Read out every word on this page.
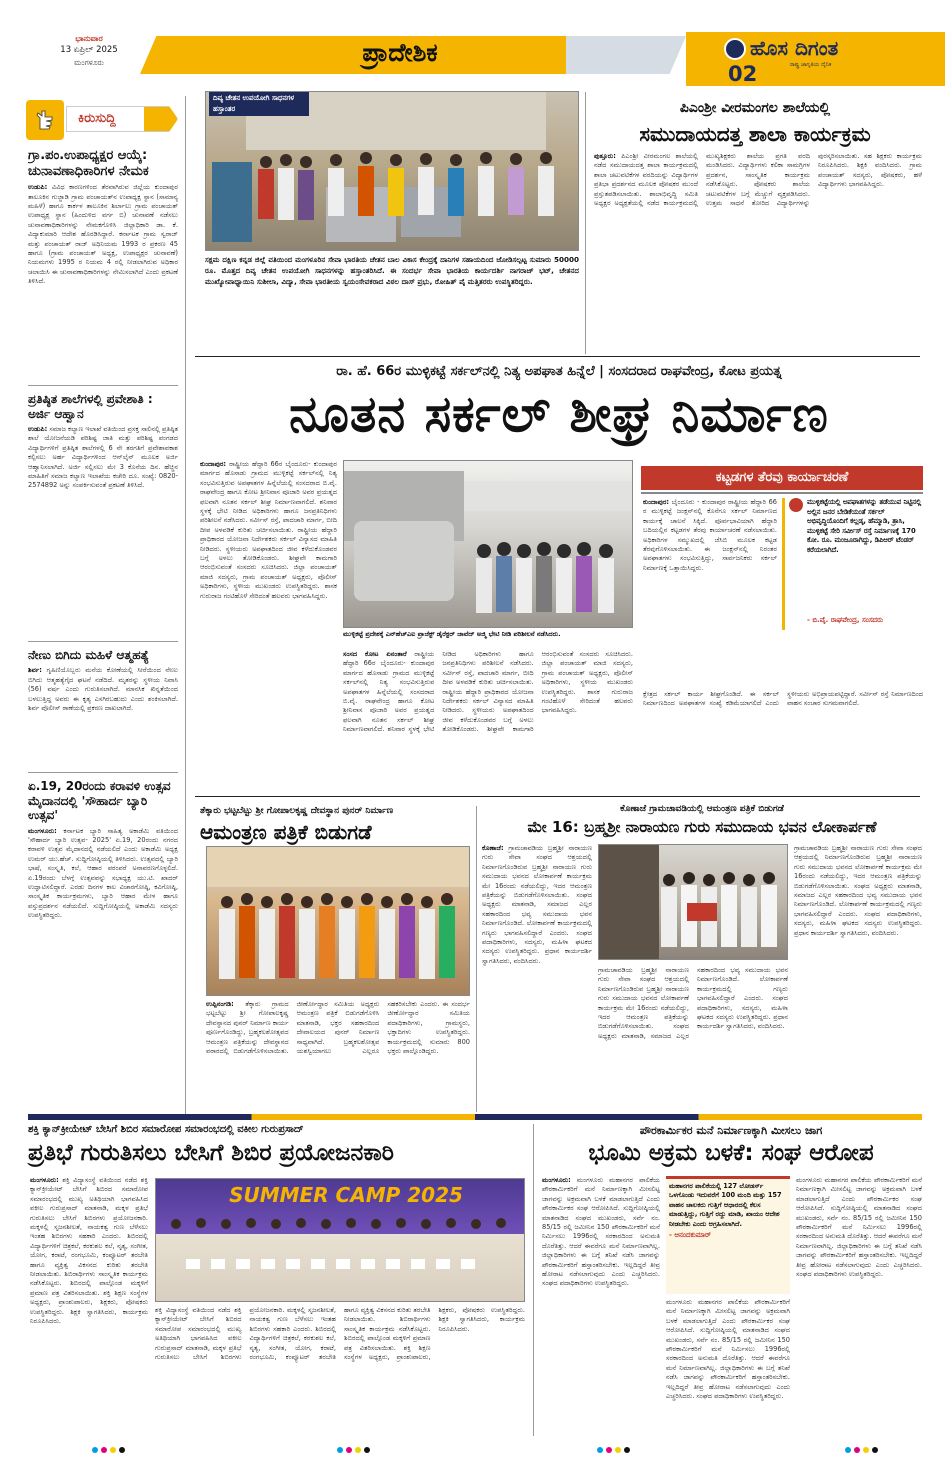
ಭಾನುವಾರ
13 ಏಪ್ರಿಲ್ 2025
ಮಂಗಳೂರು	ಪ್ರಾದೇಶಿಕ	ಹೊಸ ದಿಗಂತ
ರಾಷ್ಟ್ರ ಜಾಗೃತಿಯ ದೈನಿಕ
02
ಕಿರುಸುದ್ದಿ
ಗ್ರಾ.ಪಂ.ಉಪಾಧ್ಯಕ್ಷರ ಆಯ್ಕೆ: ಚುನಾವಣಾಧಿಕಾರಿಗಳ ನೇಮಕ
ಉಡುಪಿ: ವಿವಿಧ ಕಾರಣಗಳಿಂದ ತೆರವಾಗಿರುವ ಜಿಲ್ಲೆಯ ಕುಂದಾಪುರ ತಾಲೂಕಿನ ಗುಜ್ಜಾಡಿ ಗ್ರಾಮ ಪಂಚಾಯತ್‌ನ ಉಪಾಧ್ಯಕ್ಷ ಸ್ಥಾನ (ಸಾಮಾನ್ಯ ಮಹಿಳೆ) ಹಾಗೂ ಕಾರ್ಕಳ ತಾಲೂಕಿನ ಶಿರ್ಲಾಲು ಗ್ರಾಮ ಪಂಚಾಯತ್ ಉಪಾಧ್ಯಕ್ಷ ಸ್ಥಾನ (ಹಿಂದುಳಿದ ವರ್ಗ ಬಿ) ಚುನಾವಣೆ ನಡೆಸಲು ಚುನಾವಣಾಧಿಕಾರಿಗಳನ್ನು ನೇಮಕಗೊಳಿಸಿ ಜಿಲ್ಲಾಧಿಕಾರಿ ಡಾ. ಕೆ. ವಿದ್ಯಾಕುಮಾರಿ ಆದೇಶ ಹೊರಡಿಸಿದ್ದಾರೆ. ಕರ್ನಾಟಕ ಗ್ರಾಮ ಸ್ವರಾಜ್ ಮತ್ತು ಪಂಚಾಯತ್ ರಾಜ್ ಅಧಿನಿಯಮ 1993 ರ ಪ್ರಕರಣ 45 ಹಾಗೂ (ಗ್ರಾಮ ಪಂಚಾಯತ್ ಅಧ್ಯಕ್ಷ, ಉಪಾಧ್ಯಕ್ಷರ ಚುನಾವಣೆ) ನಿಯಮಗಳು 1995 ರ ನಿಯಮ 4 ರಲ್ಲಿ ನೀಡಲಾಗಿರುವ ಅಧಿಕಾರ ಚಲಾಯಿಸಿ ಈ ಚುನಾವಣಾಧಿಕಾರಿಗಳನ್ನು ನೇಮಿಸಲಾಗಿದೆ ಎಂದು ಪ್ರಕಟಣೆ ತಿಳಿಸಿದೆ.
ಪ್ರತಿಷ್ಠಿತ ಶಾಲೆಗಳಲ್ಲಿ ಪ್ರವೇಶಾತಿ : ಅರ್ಜಿ ಆಹ್ವಾನ
ಉಡುಪಿ: ಸಮಾಜ ಕಲ್ಯಾಣ ಇಲಾಖೆ ವತಿಯಿಂದ ಪ್ರಸಕ್ತ ಸಾಲಿನಲ್ಲಿ ಪ್ರತಿಷ್ಠಿತ ಶಾಲೆ ಯೋಜನೆಯಡಿ ಪರಿಶಿಷ್ಟ ಜಾತಿ ಮತ್ತು ಪರಿಶಿಷ್ಟ ಪಂಗಡದ ವಿದ್ಯಾರ್ಥಿಗಳಿಗೆ ಪ್ರತಿಷ್ಠಿತ ಶಾಲೆಗಳಲ್ಲಿ 6 ನೇ ತರಗತಿಗೆ ಪ್ರವೇಶಾವಕಾಶ ಕಲ್ಪಿಸಲು ಅರ್ಹ ವಿದ್ಯಾರ್ಥಿಗಳಿಂದ ಆನ್‌ಲೈನ್ ಮೂಲಕ ಅರ್ಜಿ ಆಹ್ವಾನಿಸಲಾಗಿದೆ. ಅರ್ಜಿ ಸಲ್ಲಿಸಲು ಮೇ 3 ಕೊನೆಯ ದಿನ. ಹೆಚ್ಚಿನ ಮಾಹಿತಿಗೆ ಸಮಾಜ ಕಲ್ಯಾಣ ಇಲಾಖೆಯ ಕಚೇರಿ ದೂ. ಸಂಖ್ಯೆ: 0820-2574892 ಅನ್ನು ಸಂಪರ್ಕಿಸುವಂತೆ ಪ್ರಕಟಣೆ ತಿಳಿಸಿದೆ.
ನೇಣು ಬಿಗಿದು ಮಹಿಳೆ ಆತ್ಮಹತ್ಯೆ
ಶಿರ್ವ: ಗೃಹಿಣಿಯೊಬ್ಬರು ಮನೆಯ ಕೋಣೆಯಲ್ಲಿ ಸೀರೆಯಿಂದ ನೇಣು ಬಿಗಿದು ಆತ್ಮಹತ್ಯೆಗೈದ ಘಟನೆ ನಡೆದಿದೆ. ಮೃತರನ್ನು ಸ್ಥಳೀಯ ನಿವಾಸಿ (56) ವರ್ಷ ಎಂದು ಗುರುತಿಸಲಾಗಿದೆ. ಮಾನಸಿಕ ಖಿನ್ನತೆಯಿಂದ ಬಳಲುತ್ತಿದ್ದ ಅವರು ಈ ಕೃತ್ಯ ಎಸಗಿರಬಹುದು ಎಂದು ಶಂಕಿಸಲಾಗಿದೆ. ಶಿರ್ವ ಪೊಲೀಸ್ ಠಾಣೆಯಲ್ಲಿ ಪ್ರಕರಣ ದಾಖಲಾಗಿದೆ.
ಏ.19, 20ರಂದು ಕರಾವಳಿ ಉತ್ಸವ ಮೈದಾನದಲ್ಲಿ 'ಸೌಹಾರ್ದ ಬ್ಯಾರಿ ಉತ್ಸವ'
ಮಂಗಳೂರು: ಕರ್ನಾಟಕ ಬ್ಯಾರಿ ಸಾಹಿತ್ಯ ಅಕಾಡೆಮಿ ವತಿಯಿಂದ 'ಸೌಹಾರ್ದ ಬ್ಯಾರಿ ಉತ್ಸವ- 2025' ಏ.19, 20ರಂದು ನಗರದ ಕರಾವಳಿ ಉತ್ಸವ ಮೈದಾನದಲ್ಲಿ ನಡೆಯಲಿದೆ ಎಂದು ಅಕಾಡೆಮಿ ಅಧ್ಯಕ್ಷ ಉಮರ್ ಯು.ಹೆಚ್. ಸುದ್ದಿಗೋಷ್ಠಿಯಲ್ಲಿ ತಿಳಿಸಿದರು. ಉತ್ಸವದಲ್ಲಿ ಬ್ಯಾರಿ ಭಾಷೆ, ಸಂಸ್ಕೃತಿ, ಕಲೆ, ಆಹಾರ ಪರಂಪರೆ ಅನಾವರಣಗೊಳ್ಳಲಿದೆ. ಏ.19ರಂದು ಬೆಳಗ್ಗೆ ಉತ್ಸವವನ್ನು ಸಭಾಧ್ಯಕ್ಷ ಯು.ಟಿ. ಖಾದರ್ ಉದ್ಘಾಟಿಸಲಿದ್ದಾರೆ. ಎರಡು ದಿನಗಳ ಕಾಲ ವಿಚಾರಗೋಷ್ಠಿ, ಕವಿಗೋಷ್ಠಿ, ಸಾಂಸ್ಕೃತಿಕ ಕಾರ್ಯಕ್ರಮಗಳು, ಬ್ಯಾರಿ ಆಹಾರ ಮೇಳ ಹಾಗೂ ವಸ್ತುಪ್ರದರ್ಶನ ನಡೆಯಲಿದೆ. ಸುದ್ದಿಗೋಷ್ಠಿಯಲ್ಲಿ ಅಕಾಡೆಮಿ ಸದಸ್ಯರು ಉಪಸ್ಥಿತರಿದ್ದರು.
ದಿವ್ಯ ಚೇತನ ಉಪಯೋಗಿ ಸಾಧನಗಳ ಹಸ್ತಾಂತರ
ಸಕ್ಷಮ ದಕ್ಷಿಣ ಕನ್ನಡ ಜಿಲ್ಲೆ ವತಿಯಿಂದ ಮಂಗಳೂರಿನ ಸೇವಾ ಭಾರತಿಯ ಚೇತನ ಬಾಲ ವಿಕಾಸ ಕೇಂದ್ರಕ್ಕೆ ದಾನಿಗಳ ಸಹಾಯದಿಂದ ಜೋಡಿಸಲ್ಪಟ್ಟ ಸುಮಾರು 50000 ರೂ. ಮೊತ್ತದ ದಿವ್ಯ ಚೇತನ ಉಪಯೋಗಿ ಸಾಧನಗಳನ್ನು ಹಸ್ತಾಂತರಿಸಿದೆ. ಈ ಸಂದರ್ಭ ಸೇವಾ ಭಾರತಿಯ ಕಾರ್ಯದರ್ಶಿ ನಾಗರಾಜ್ ಭಟ್, ಚೇತನದ ಮುಖ್ಯೋಪಾಧ್ಯಾಯಿನಿ ಸುಶೀಲಾ, ವಿದ್ಯಾ, ಸೇವಾ ಭಾರತೀಯ ಸ್ವಯಂಸೇವಕರಾದ ವಿಠಲ ದಾಸ್ ಪ್ರಭು, ರೋಹಿತ್ ಪೈ ಮತ್ತಿತರರು ಉಪಸ್ಥಿತರಿದ್ದರು.
ಪಿಎಂಶ್ರೀ ವೀರಮಂಗಲ ಶಾಲೆಯಲ್ಲಿ
ಸಮುದಾಯದತ್ತ ಶಾಲಾ ಕಾರ್ಯಕ್ರಮ
ಪುತ್ತೂರು: ಪಿಎಂಶ್ರೀ ವೀರಮಂಗಲ ಶಾಲೆಯಲ್ಲಿ ನಡೆದ ಸಮುದಾಯದತ್ತ ಶಾಲಾ ಕಾರ್ಯಕ್ರಮದಲ್ಲಿ ಶಾಲಾ ಚಟುವಟಿಕೆಗಳ ವರದಿಯನ್ನು ವಿದ್ಯಾರ್ಥಿಗಳ ಪ್ರತಿಭಾ ಪ್ರದರ್ಶನದ ಮೂಲಕ ಪೋಷಕರ ಮುಂದೆ ಪ್ರಸ್ತುತಪಡಿಸಲಾಯಿತು. ಶಾಲಾಭಿವೃದ್ಧಿ ಸಮಿತಿ ಅಧ್ಯಕ್ಷರ ಅಧ್ಯಕ್ಷತೆಯಲ್ಲಿ ನಡೆದ ಕಾರ್ಯಕ್ರಮದಲ್ಲಿ ಮುಖ್ಯಶಿಕ್ಷಕರು ಶಾಲೆಯ ಪ್ರಗತಿ ವರದಿ ಮಂಡಿಸಿದರು. ವಿದ್ಯಾರ್ಥಿಗಳು ಕಲಿಕಾ ಸಾಮಗ್ರಿಗಳ ಪ್ರದರ್ಶನ, ಸಾಂಸ್ಕೃತಿಕ ಕಾರ್ಯಕ್ರಮ ನಡೆಸಿಕೊಟ್ಟರು. ಪೋಷಕರು ಶಾಲೆಯ ಚಟುವಟಿಕೆಗಳ ಬಗ್ಗೆ ಮೆಚ್ಚುಗೆ ವ್ಯಕ್ತಪಡಿಸಿದರು. ಉತ್ತಮ ಸಾಧನೆ ತೋರಿದ ವಿದ್ಯಾರ್ಥಿಗಳನ್ನು ಪುರಸ್ಕರಿಸಲಾಯಿತು. ಸಹ ಶಿಕ್ಷಕರು ಕಾರ್ಯಕ್ರಮ ನಿರೂಪಿಸಿದರು. ಶಿಕ್ಷಕಿ ವಂದಿಸಿದರು. ಗ್ರಾಮ ಪಂಚಾಯತ್ ಸದಸ್ಯರು, ಪೋಷಕರು, ಹಳೆ ವಿದ್ಯಾರ್ಥಿಗಳು ಭಾಗವಹಿಸಿದ್ದರು.
ರಾ. ಹೆ. 66ರ ಮುಳ್ಳಿಕಟ್ಟೆ ಸರ್ಕಲ್‌ನಲ್ಲಿ ನಿತ್ಯ ಅಪಘಾತ ಹಿನ್ನೆಲೆ | ಸಂಸದರಾದ ರಾಘವೇಂದ್ರ, ಕೋಟ ಪ್ರಯತ್ನ
ನೂತನ ಸರ್ಕಲ್ ಶೀಘ್ರ ನಿರ್ಮಾಣ
ಕುಂದಾಪುರ: ರಾಷ್ಟ್ರೀಯ ಹೆದ್ದಾರಿ 66ರ ಬೈಂದೂರು- ಕುಂದಾಪುರ ಮಾರ್ಗದ ಹೊಸಾಡು ಗ್ರಾಮದ ಮುಳ್ಳಿಕಟ್ಟೆ ಸರ್ಕಲ್‌ನಲ್ಲಿ ನಿತ್ಯ ಸಂಭವಿಸುತ್ತಿರುವ ಅಪಘಾತಗಳ ಹಿನ್ನೆಲೆಯಲ್ಲಿ ಸಂಸದರಾದ ಬಿ.ವೈ. ರಾಘವೇಂದ್ರ ಹಾಗೂ ಕೋಟ ಶ್ರೀನಿವಾಸ ಪೂಜಾರಿ ಅವರ ಪ್ರಯತ್ನದ ಫಲವಾಗಿ ನೂತನ ಸರ್ಕಲ್ ಶೀಘ್ರ ನಿರ್ಮಾಣವಾಗಲಿದೆ. ಶನಿವಾರ ಸ್ಥಳಕ್ಕೆ ಭೇಟಿ ನೀಡಿದ ಅಧಿಕಾರಿಗಳು ಹಾಗೂ ಜನಪ್ರತಿನಿಧಿಗಳು ಪರಿಶೀಲನೆ ನಡೆಸಿದರು. ಸರ್ವೀಸ್ ರಸ್ತೆ, ಪಾದಚಾರಿ ಮಾರ್ಗ, ಬೀದಿ ದೀಪ ಅಳವಡಿಕೆ ಕುರಿತು ಚರ್ಚಿಸಲಾಯಿತು. ರಾಷ್ಟ್ರೀಯ ಹೆದ್ದಾರಿ ಪ್ರಾಧಿಕಾರದ ಯೋಜನಾ ನಿರ್ದೇಶಕರು ಸರ್ಕಲ್ ವಿನ್ಯಾಸದ ಮಾಹಿತಿ ನೀಡಿದರು. ಸ್ಥಳೀಯರು ಅಪಘಾತದಿಂದ ಜೀವ ಕಳೆದುಕೊಂಡವರ ಬಗ್ಗೆ ಅಳಲು ತೋಡಿಕೊಂಡರು. ಶೀಘ್ರವೇ ಕಾಮಗಾರಿ ಆರಂಭಿಸುವಂತೆ ಸಂಸದರು ಸೂಚಿಸಿದರು. ಜಿಲ್ಲಾ ಪಂಚಾಯತ್ ಮಾಜಿ ಸದಸ್ಯರು, ಗ್ರಾಮ ಪಂಚಾಯತ್ ಅಧ್ಯಕ್ಷರು, ಪೊಲೀಸ್ ಅಧಿಕಾರಿಗಳು, ಸ್ಥಳೀಯ ಮುಖಂಡರು ಉಪಸ್ಥಿತರಿದ್ದರು. ಶಾಸಕ ಗುರುರಾಜ ಗಂಟಿಹೊಳೆ ಸೇರಿದಂತೆ ಹಲವರು ಭಾಗವಹಿಸಿದ್ದರು.
ಮುಳ್ಳಿಕಟ್ಟೆ ಪ್ರದೇಶಕ್ಕೆ ಎನ್‌ಹೆಚ್‌ಎಐ ಪ್ರಾಜೆಕ್ಟ್ ಡೈರೆಕ್ಟರ್ ಜಾವೆದ್ ಅಜ್ಮಿ ಭೇಟಿ ನೀಡಿ ಪರಿಶೀಲನೆ ನಡೆಸಿದರು.
ಸಂಸದ ಕೋಟ ಏನಂತಾರೆ ರಾಷ್ಟ್ರೀಯ ಹೆದ್ದಾರಿ 66ರ ಬೈಂದೂರು- ಕುಂದಾಪುರ ಮಾರ್ಗದ ಹೊಸಾಡು ಗ್ರಾಮದ ಮುಳ್ಳಿಕಟ್ಟೆ ಸರ್ಕಲ್‌ನಲ್ಲಿ ನಿತ್ಯ ಸಂಭವಿಸುತ್ತಿರುವ ಅಪಘಾತಗಳ ಹಿನ್ನೆಲೆಯಲ್ಲಿ ಸಂಸದರಾದ ಬಿ.ವೈ. ರಾಘವೇಂದ್ರ ಹಾಗೂ ಕೋಟ ಶ್ರೀನಿವಾಸ ಪೂಜಾರಿ ಅವರ ಪ್ರಯತ್ನದ ಫಲವಾಗಿ ನೂತನ ಸರ್ಕಲ್ ಶೀಘ್ರ ನಿರ್ಮಾಣವಾಗಲಿದೆ. ಶನಿವಾರ ಸ್ಥಳಕ್ಕೆ ಭೇಟಿ ನೀಡಿದ ಅಧಿಕಾರಿಗಳು ಹಾಗೂ ಜನಪ್ರತಿನಿಧಿಗಳು ಪರಿಶೀಲನೆ ನಡೆಸಿದರು. ಸರ್ವೀಸ್ ರಸ್ತೆ, ಪಾದಚಾರಿ ಮಾರ್ಗ, ಬೀದಿ ದೀಪ ಅಳವಡಿಕೆ ಕುರಿತು ಚರ್ಚಿಸಲಾಯಿತು. ರಾಷ್ಟ್ರೀಯ ಹೆದ್ದಾರಿ ಪ್ರಾಧಿಕಾರದ ಯೋಜನಾ ನಿರ್ದೇಶಕರು ಸರ್ಕಲ್ ವಿನ್ಯಾಸದ ಮಾಹಿತಿ ನೀಡಿದರು. ಸ್ಥಳೀಯರು ಅಪಘಾತದಿಂದ ಜೀವ ಕಳೆದುಕೊಂಡವರ ಬಗ್ಗೆ ಅಳಲು ತೋಡಿಕೊಂಡರು. ಶೀಘ್ರವೇ ಕಾಮಗಾರಿ ಆರಂಭಿಸುವಂತೆ ಸಂಸದರು ಸೂಚಿಸಿದರು. ಜಿಲ್ಲಾ ಪಂಚಾಯತ್ ಮಾಜಿ ಸದಸ್ಯರು, ಗ್ರಾಮ ಪಂಚಾಯತ್ ಅಧ್ಯಕ್ಷರು, ಪೊಲೀಸ್ ಅಧಿಕಾರಿಗಳು, ಸ್ಥಳೀಯ ಮುಖಂಡರು ಉಪಸ್ಥಿತರಿದ್ದರು. ಶಾಸಕ ಗುರುರಾಜ ಗಂಟಿಹೊಳೆ ಸೇರಿದಂತೆ ಹಲವರು ಭಾಗವಹಿಸಿದ್ದರು.
ಕಟ್ಟಡಗಳ ತೆರವು ಕಾರ್ಯಾಚರಣೆ
ಕುಂದಾಪುರ: ಬೈಂದೂರು - ಕುಂದಾಪುರ ರಾಷ್ಟ್ರೀಯ ಹೆದ್ದಾರಿ 66 ರ ಮುಳ್ಳಿಕಟ್ಟೆ ಜಂಕ್ಷನ್‌ನಲ್ಲಿ ಕೊನೆಗೂ ಸರ್ಕಲ್ ನಿರ್ಮಾಣದ ಕಾರ್ಯಕ್ಕೆ ಚಾಲನೆ ಸಿಕ್ಕಿದೆ. ಪೂರ್ವಭಾವಿಯಾಗಿ ಹೆದ್ದಾರಿ ಬದಿಯಲ್ಲಿನ ಕಟ್ಟಡಗಳ ತೆರವು ಕಾರ್ಯಾಚರಣೆ ನಡೆಸಲಾಯಿತು. ಅಧಿಕಾರಿಗಳ ಸಮ್ಮುಖದಲ್ಲಿ ಜೆಸಿಬಿ ಮೂಲಕ ಕಟ್ಟಡ ತೆರವುಗೊಳಿಸಲಾಯಿತು. ಈ ಜಂಕ್ಷನ್‌ನಲ್ಲಿ ನಿರಂತರ ಅಪಘಾತಗಳು ಸಂಭವಿಸುತ್ತಿದ್ದು, ಸಾರ್ವಜನಿಕರು ಸರ್ಕಲ್ ನಿರ್ಮಾಣಕ್ಕೆ ಒತ್ತಾಯಿಸಿದ್ದರು.
ಮುಳ್ಳಿಕಟ್ಟೆಯಲ್ಲಿ ಅಪಘಾತಗಳನ್ನು ತಡೆಯುವ ನಿಟ್ಟಿನಲ್ಲಿ ಅಲ್ಲಿನ ಜನರ ಬೇಡಿಕೆಯಂತೆ ಸರ್ಕಲ್ ಅಭಿವೃದ್ಧಿಯೊಂದಿಗೆ ಕಲ್ಲಡ್ಕ, ಹೆಮ್ಮಾಡಿ, ತ್ರಾಸಿ, ಮುಳ್ಳಿಕಟ್ಟೆ ಸೇರಿ ಸರ್ವೀಸ್ ರಸ್ತೆ ನಿರ್ಮಾಣಕ್ಕೆ 170 ಕೋ. ರೂ. ಮಂಜೂರಾಗಿದ್ದು, ಡಿಪಿಆರ್ ಟೆಂಡರ್ ಕರೆಯಲಾಗಿದೆ.
- ಬಿ.ವೈ. ರಾಘವೇಂದ್ರ, ಸಂಸದರು
ಕ್ಷೇತ್ರದ ಸರ್ಕಲ್ ಕಾರ್ಯ ಶೀಘ್ರಗೊಂಡಿದೆ. ಈ ಸರ್ಕಲ್ ನಿರ್ಮಾಣದಿಂದ ಅಪಘಾತಗಳ ಸಂಖ್ಯೆ ಕಡಿಮೆಯಾಗಲಿದೆ ಎಂದು ಸ್ಥಳೀಯರು ಅಭಿಪ್ರಾಯಪಟ್ಟಿದ್ದಾರೆ. ಸರ್ವೀಸ್ ರಸ್ತೆ ನಿರ್ಮಾಣದಿಂದ ವಾಹನ ಸಂಚಾರ ಸುಗಮವಾಗಲಿದೆ.
ತೆಕ್ಕಾರು ಭಟ್ಟಬೆಟ್ಟು ಶ್ರೀ ಗೋಪಾಲಕೃಷ್ಣ ದೇವಸ್ಥಾನ ಪುನರ್ ನಿರ್ಮಾಣ
ಆಮಂತ್ರಣ ಪತ್ರಿಕೆ ಬಿಡುಗಡೆ
ಉಪ್ಪಿನಂಗಡಿ: ತೆಕ್ಕಾರು ಗ್ರಾಮದ ಭಟ್ಟಬೆಟ್ಟು ಶ್ರೀ ಗೋಪಾಲಕೃಷ್ಣ ದೇವಸ್ಥಾನದ ಪುನರ್ ನಿರ್ಮಾಣ ಕಾರ್ಯ ಪೂರ್ಣಗೊಂಡಿದ್ದು, ಬ್ರಹ್ಮಕಲಶೋತ್ಸವದ ಆಮಂತ್ರಣ ಪತ್ರಿಕೆಯನ್ನು ದೇವಸ್ಥಾನದ ವಠಾರದಲ್ಲಿ ಬಿಡುಗಡೆಗೊಳಿಸಲಾಯಿತು. ಜೀರ್ಣೋದ್ಧಾರ ಸಮಿತಿಯ ಅಧ್ಯಕ್ಷರು ಆಮಂತ್ರಣ ಪತ್ರಿಕೆ ಬಿಡುಗಡೆಗೊಳಿಸಿ ಮಾತನಾಡಿ, ಭಕ್ತರ ಸಹಕಾರದಿಂದ ದೇವಾಲಯದ ಪುನರ್ ನಿರ್ಮಾಣ ಸಾಧ್ಯವಾಗಿದೆ. ಬ್ರಹ್ಮಕಲಶೋತ್ಸವ ಯಶಸ್ವಿಯಾಗಲು ಎಲ್ಲರೂ ಸಹಕರಿಸಬೇಕು ಎಂದರು. ಈ ಸಂದರ್ಭ ಜೀರ್ಣೋದ್ಧಾರ ಸಮಿತಿಯ ಪದಾಧಿಕಾರಿಗಳು, ಗ್ರಾಮಸ್ಥರು, ಭಕ್ತಾದಿಗಳು ಉಪಸ್ಥಿತರಿದ್ದರು. ಕಾರ್ಯಕ್ರಮದಲ್ಲಿ ಸುಮಾರು 800 ಭಕ್ತರು ಪಾಲ್ಗೊಂಡಿದ್ದರು.
ಕೊಣಾಜೆ ಗ್ರಾಮಚಾವಡಿಯಲ್ಲಿ ಆಮಂತ್ರಣ ಪತ್ರಿಕೆ ಬಿಡುಗಡೆ
ಮೇ 16: ಬ್ರಹ್ಮಶ್ರೀ ನಾರಾಯಣ ಗುರು ಸಮುದಾಯ ಭವನ ಲೋಕಾರ್ಪಣೆ
ಕೊಣಾಜೆ: ಗ್ರಾಮಚಾವಡಿಯ ಬ್ರಹ್ಮಶ್ರೀ ನಾರಾಯಣ ಗುರು ಸೇವಾ ಸಂಘದ ಆಶ್ರಯದಲ್ಲಿ ನಿರ್ಮಾಣಗೊಂಡಿರುವ ಬ್ರಹ್ಮಶ್ರೀ ನಾರಾಯಣ ಗುರು ಸಮುದಾಯ ಭವನದ ಲೋಕಾರ್ಪಣೆ ಕಾರ್ಯಕ್ರಮ ಮೇ 16ರಂದು ನಡೆಯಲಿದ್ದು, ಇದರ ಆಮಂತ್ರಣ ಪತ್ರಿಕೆಯನ್ನು ಬಿಡುಗಡೆಗೊಳಿಸಲಾಯಿತು. ಸಂಘದ ಅಧ್ಯಕ್ಷರು ಮಾತನಾಡಿ, ಸಮಾಜದ ಎಲ್ಲರ ಸಹಕಾರದಿಂದ ಭವ್ಯ ಸಮುದಾಯ ಭವನ ನಿರ್ಮಾಣಗೊಂಡಿದೆ. ಲೋಕಾರ್ಪಣೆ ಕಾರ್ಯಕ್ರಮದಲ್ಲಿ ಗಣ್ಯರು ಭಾಗವಹಿಸಲಿದ್ದಾರೆ ಎಂದರು. ಸಂಘದ ಪದಾಧಿಕಾರಿಗಳು, ಸದಸ್ಯರು, ಮಹಿಳಾ ಘಟಕದ ಸದಸ್ಯರು ಉಪಸ್ಥಿತರಿದ್ದರು. ಪ್ರಧಾನ ಕಾರ್ಯದರ್ಶಿ ಸ್ವಾಗತಿಸಿದರು, ವಂದಿಸಿದರು.
ಗ್ರಾಮಚಾವಡಿಯ ಬ್ರಹ್ಮಶ್ರೀ ನಾರಾಯಣ ಗುರು ಸೇವಾ ಸಂಘದ ಆಶ್ರಯದಲ್ಲಿ ನಿರ್ಮಾಣಗೊಂಡಿರುವ ಬ್ರಹ್ಮಶ್ರೀ ನಾರಾಯಣ ಗುರು ಸಮುದಾಯ ಭವನದ ಲೋಕಾರ್ಪಣೆ ಕಾರ್ಯಕ್ರಮ ಮೇ 16ರಂದು ನಡೆಯಲಿದ್ದು, ಇದರ ಆಮಂತ್ರಣ ಪತ್ರಿಕೆಯನ್ನು ಬಿಡುಗಡೆಗೊಳಿಸಲಾಯಿತು. ಸಂಘದ ಅಧ್ಯಕ್ಷರು ಮಾತನಾಡಿ, ಸಮಾಜದ ಎಲ್ಲರ ಸಹಕಾರದಿಂದ ಭವ್ಯ ಸಮುದಾಯ ಭವನ ನಿರ್ಮಾಣಗೊಂಡಿದೆ. ಲೋಕಾರ್ಪಣೆ ಕಾರ್ಯಕ್ರಮದಲ್ಲಿ ಗಣ್ಯರು ಭಾಗವಹಿಸಲಿದ್ದಾರೆ ಎಂದರು. ಸಂಘದ ಪದಾಧಿಕಾರಿಗಳು, ಸದಸ್ಯರು, ಮಹಿಳಾ ಘಟಕದ ಸದಸ್ಯರು ಉಪಸ್ಥಿತರಿದ್ದರು. ಪ್ರಧಾನ ಕಾರ್ಯದರ್ಶಿ ಸ್ವಾಗತಿಸಿದರು, ವಂದಿಸಿದರು.
ಗ್ರಾಮಚಾವಡಿಯ ಬ್ರಹ್ಮಶ್ರೀ ನಾರಾಯಣ ಗುರು ಸೇವಾ ಸಂಘದ ಆಶ್ರಯದಲ್ಲಿ ನಿರ್ಮಾಣಗೊಂಡಿರುವ ಬ್ರಹ್ಮಶ್ರೀ ನಾರಾಯಣ ಗುರು ಸಮುದಾಯ ಭವನದ ಲೋಕಾರ್ಪಣೆ ಕಾರ್ಯಕ್ರಮ ಮೇ 16ರಂದು ನಡೆಯಲಿದ್ದು, ಇದರ ಆಮಂತ್ರಣ ಪತ್ರಿಕೆಯನ್ನು ಬಿಡುಗಡೆಗೊಳಿಸಲಾಯಿತು. ಸಂಘದ ಅಧ್ಯಕ್ಷರು ಮಾತನಾಡಿ, ಸಮಾಜದ ಎಲ್ಲರ ಸಹಕಾರದಿಂದ ಭವ್ಯ ಸಮುದಾಯ ಭವನ ನಿರ್ಮಾಣಗೊಂಡಿದೆ. ಲೋಕಾರ್ಪಣೆ ಕಾರ್ಯಕ್ರಮದಲ್ಲಿ ಗಣ್ಯರು ಭಾಗವಹಿಸಲಿದ್ದಾರೆ ಎಂದರು. ಸಂಘದ ಪದಾಧಿಕಾರಿಗಳು, ಸದಸ್ಯರು, ಮಹಿಳಾ ಘಟಕದ ಸದಸ್ಯರು ಉಪಸ್ಥಿತರಿದ್ದರು. ಪ್ರಧಾನ ಕಾರ್ಯದರ್ಶಿ ಸ್ವಾಗತಿಸಿದರು, ವಂದಿಸಿದರು.
ಶಕ್ತಿ ಕ್ಯಾನ್‌ಕ್ರೀಯೇಟ್ ಬೇಸಿಗೆ ಶಿಬಿರ ಸಮಾರೋಪ ಸಮಾರಂಭದಲ್ಲಿ ವಕೀಲ ಗುರುಪ್ರಸಾದ್
ಪ್ರತಿಭೆ ಗುರುತಿಸಲು ಬೇಸಿಗೆ ಶಿಬಿರ ಪ್ರಯೋಜನಕಾರಿ
ಮಂಗಳೂರು: ಶಕ್ತಿ ವಿದ್ಯಾಸಂಸ್ಥೆ ವತಿಯಿಂದ ನಡೆದ ಶಕ್ತಿ ಕ್ಯಾನ್‌ಕ್ರೀಯೇಟ್ ಬೇಸಿಗೆ ಶಿಬಿರದ ಸಮಾರೋಪ ಸಮಾರಂಭದಲ್ಲಿ ಮುಖ್ಯ ಅತಿಥಿಯಾಗಿ ಭಾಗವಹಿಸಿದ ವಕೀಲ ಗುರುಪ್ರಸಾದ್ ಮಾತನಾಡಿ, ಮಕ್ಕಳ ಪ್ರತಿಭೆ ಗುರುತಿಸಲು ಬೇಸಿಗೆ ಶಿಬಿರಗಳು ಪ್ರಯೋಜನಕಾರಿ. ಮಕ್ಕಳಲ್ಲಿ ಸೃಜನಶೀಲತೆ, ನಾಯಕತ್ವ ಗುಣ ಬೆಳೆಸಲು ಇಂತಹ ಶಿಬಿರಗಳು ಸಹಕಾರಿ ಎಂದರು. ಶಿಬಿರದಲ್ಲಿ ವಿದ್ಯಾರ್ಥಿಗಳಿಗೆ ಚಿತ್ರಕಲೆ, ಕರಕುಶಲ ಕಲೆ, ನೃತ್ಯ, ಸಂಗೀತ, ಯೋಗ, ಕರಾಟೆ, ರಂಗಭೂಮಿ, ಕಂಪ್ಯೂಟರ್ ತರಬೇತಿ ಹಾಗೂ ವ್ಯಕ್ತಿತ್ವ ವಿಕಸನದ ಕುರಿತು ತರಬೇತಿ ನೀಡಲಾಯಿತು. ಶಿಬಿರಾರ್ಥಿಗಳು ಸಾಂಸ್ಕೃತಿಕ ಕಾರ್ಯಕ್ರಮ ನಡೆಸಿಕೊಟ್ಟರು. ಶಿಬಿರದಲ್ಲಿ ಪಾಲ್ಗೊಂಡ ಮಕ್ಕಳಿಗೆ ಪ್ರಮಾಣ ಪತ್ರ ವಿತರಿಸಲಾಯಿತು. ಶಕ್ತಿ ಶಿಕ್ಷಣ ಸಂಸ್ಥೆಗಳ ಅಧ್ಯಕ್ಷರು, ಪ್ರಾಂಶುಪಾಲರು, ಶಿಕ್ಷಕರು, ಪೋಷಕರು ಉಪಸ್ಥಿತರಿದ್ದರು. ಶಿಕ್ಷಕಿ ಸ್ವಾಗತಿಸಿದರು, ಕಾರ್ಯಕ್ರಮ ನಿರೂಪಿಸಿದರು.
SUMMER CAMP 2025
ಶಕ್ತಿ ವಿದ್ಯಾಸಂಸ್ಥೆ ವತಿಯಿಂದ ನಡೆದ ಶಕ್ತಿ ಕ್ಯಾನ್‌ಕ್ರೀಯೇಟ್ ಬೇಸಿಗೆ ಶಿಬಿರದ ಸಮಾರೋಪ ಸಮಾರಂಭದಲ್ಲಿ ಮುಖ್ಯ ಅತಿಥಿಯಾಗಿ ಭಾಗವಹಿಸಿದ ವಕೀಲ ಗುರುಪ್ರಸಾದ್ ಮಾತನಾಡಿ, ಮಕ್ಕಳ ಪ್ರತಿಭೆ ಗುರುತಿಸಲು ಬೇಸಿಗೆ ಶಿಬಿರಗಳು ಪ್ರಯೋಜನಕಾರಿ. ಮಕ್ಕಳಲ್ಲಿ ಸೃಜನಶೀಲತೆ, ನಾಯಕತ್ವ ಗುಣ ಬೆಳೆಸಲು ಇಂತಹ ಶಿಬಿರಗಳು ಸಹಕಾರಿ ಎಂದರು. ಶಿಬಿರದಲ್ಲಿ ವಿದ್ಯಾರ್ಥಿಗಳಿಗೆ ಚಿತ್ರಕಲೆ, ಕರಕುಶಲ ಕಲೆ, ನೃತ್ಯ, ಸಂಗೀತ, ಯೋಗ, ಕರಾಟೆ, ರಂಗಭೂಮಿ, ಕಂಪ್ಯೂಟರ್ ತರಬೇತಿ ಹಾಗೂ ವ್ಯಕ್ತಿತ್ವ ವಿಕಸನದ ಕುರಿತು ತರಬೇತಿ ನೀಡಲಾಯಿತು. ಶಿಬಿರಾರ್ಥಿಗಳು ಸಾಂಸ್ಕೃತಿಕ ಕಾರ್ಯಕ್ರಮ ನಡೆಸಿಕೊಟ್ಟರು. ಶಿಬಿರದಲ್ಲಿ ಪಾಲ್ಗೊಂಡ ಮಕ್ಕಳಿಗೆ ಪ್ರಮಾಣ ಪತ್ರ ವಿತರಿಸಲಾಯಿತು. ಶಕ್ತಿ ಶಿಕ್ಷಣ ಸಂಸ್ಥೆಗಳ ಅಧ್ಯಕ್ಷರು, ಪ್ರಾಂಶುಪಾಲರು, ಶಿಕ್ಷಕರು, ಪೋಷಕರು ಉಪಸ್ಥಿತರಿದ್ದರು. ಶಿಕ್ಷಕಿ ಸ್ವಾಗತಿಸಿದರು, ಕಾರ್ಯಕ್ರಮ ನಿರೂಪಿಸಿದರು.
ಪೌರಕಾರ್ಮಿಕರ ಮನೆ ನಿರ್ಮಾಣಕ್ಕಾಗಿ ಮೀಸಲು ಜಾಗ
ಭೂಮಿ ಅಕ್ರಮ ಬಳಕೆ: ಸಂಘ ಆರೋಪ
ಮಂಗಳೂರು: ಮಂಗಳೂರು ಮಹಾನಗರ ಪಾಲಿಕೆಯ ಪೌರಕಾರ್ಮಿಕರಿಗೆ ಮನೆ ನಿರ್ಮಾಣಕ್ಕಾಗಿ ಮೀಸಲಿಟ್ಟ ಜಾಗವನ್ನು ಅಕ್ರಮವಾಗಿ ಬಳಕೆ ಮಾಡಲಾಗುತ್ತಿದೆ ಎಂದು ಪೌರಕಾರ್ಮಿಕರ ಸಂಘ ಆರೋಪಿಸಿದೆ. ಸುದ್ದಿಗೋಷ್ಠಿಯಲ್ಲಿ ಮಾತನಾಡಿದ ಸಂಘದ ಮುಖಂಡರು, ಸರ್ವೆ ನಂ. 85/15 ರಲ್ಲಿ ಜಮೀನಿನ 150 ಪೌರಕಾರ್ಮಿಕರಿಗೆ ಮನೆ ನಿರ್ಮಿಸಲು 1996ರಲ್ಲಿ ಸರಕಾರದಿಂದ ಅನುಮತಿ ದೊರೆತಿತ್ತು. ಆದರೆ ಈವರೆಗೂ ಮನೆ ನಿರ್ಮಾಣವಾಗಿಲ್ಲ. ಜಿಲ್ಲಾಧಿಕಾರಿಗಳು ಈ ಬಗ್ಗೆ ತನಿಖೆ ನಡೆಸಿ ಜಾಗವನ್ನು ಪೌರಕಾರ್ಮಿಕರಿಗೆ ಹಸ್ತಾಂತರಿಸಬೇಕು. ಇಲ್ಲದಿದ್ದರೆ ತೀವ್ರ ಹೋರಾಟ ನಡೆಸಲಾಗುವುದು ಎಂದು ಎಚ್ಚರಿಸಿದರು. ಸಂಘದ ಪದಾಧಿಕಾರಿಗಳು ಉಪಸ್ಥಿತರಿದ್ದರು.
ಮಹಾನಗರ ಪಾಲಿಕೆಯಲ್ಲಿ 127 ಲೋಡರ್ಸ್ ಒಳಗೊಂಡು ಇದುವರೆಗೆ 100 ಮಂದಿ ಮತ್ತು 157 ವಾಹನ ಚಾಲಕರು ಗುತ್ತಿಗೆ ಆಧಾರದಲ್ಲಿ ಕೆಲಸ ಮಾಡುತ್ತಿದ್ದು, ಗುತ್ತಿಗೆ ರದ್ದು ಮಾಡಿ, ಖಾಯಂ ಆದೇಶ ನೀಡಬೇಕು ಎಂದು ಆಗ್ರಹಿಸಲಾಗಿದೆ.
- ಆನಂದಕುಮಾರ್
ಮಂಗಳೂರು ಮಹಾನಗರ ಪಾಲಿಕೆಯ ಪೌರಕಾರ್ಮಿಕರಿಗೆ ಮನೆ ನಿರ್ಮಾಣಕ್ಕಾಗಿ ಮೀಸಲಿಟ್ಟ ಜಾಗವನ್ನು ಅಕ್ರಮವಾಗಿ ಬಳಕೆ ಮಾಡಲಾಗುತ್ತಿದೆ ಎಂದು ಪೌರಕಾರ್ಮಿಕರ ಸಂಘ ಆರೋಪಿಸಿದೆ. ಸುದ್ದಿಗೋಷ್ಠಿಯಲ್ಲಿ ಮಾತನಾಡಿದ ಸಂಘದ ಮುಖಂಡರು, ಸರ್ವೆ ನಂ. 85/15 ರಲ್ಲಿ ಜಮೀನಿನ 150 ಪೌರಕಾರ್ಮಿಕರಿಗೆ ಮನೆ ನಿರ್ಮಿಸಲು 1996ರಲ್ಲಿ ಸರಕಾರದಿಂದ ಅನುಮತಿ ದೊರೆತಿತ್ತು. ಆದರೆ ಈವರೆಗೂ ಮನೆ ನಿರ್ಮಾಣವಾಗಿಲ್ಲ. ಜಿಲ್ಲಾಧಿಕಾರಿಗಳು ಈ ಬಗ್ಗೆ ತನಿಖೆ ನಡೆಸಿ ಜಾಗವನ್ನು ಪೌರಕಾರ್ಮಿಕರಿಗೆ ಹಸ್ತಾಂತರಿಸಬೇಕು. ಇಲ್ಲದಿದ್ದರೆ ತೀವ್ರ ಹೋರಾಟ ನಡೆಸಲಾಗುವುದು ಎಂದು ಎಚ್ಚರಿಸಿದರು. ಸಂಘದ ಪದಾಧಿಕಾರಿಗಳು ಉಪಸ್ಥಿತರಿದ್ದರು.
ಮಂಗಳೂರು ಮಹಾನಗರ ಪಾಲಿಕೆಯ ಪೌರಕಾರ್ಮಿಕರಿಗೆ ಮನೆ ನಿರ್ಮಾಣಕ್ಕಾಗಿ ಮೀಸಲಿಟ್ಟ ಜಾಗವನ್ನು ಅಕ್ರಮವಾಗಿ ಬಳಕೆ ಮಾಡಲಾಗುತ್ತಿದೆ ಎಂದು ಪೌರಕಾರ್ಮಿಕರ ಸಂಘ ಆರೋಪಿಸಿದೆ. ಸುದ್ದಿಗೋಷ್ಠಿಯಲ್ಲಿ ಮಾತನಾಡಿದ ಸಂಘದ ಮುಖಂಡರು, ಸರ್ವೆ ನಂ. 85/15 ರಲ್ಲಿ ಜಮೀನಿನ 150 ಪೌರಕಾರ್ಮಿಕರಿಗೆ ಮನೆ ನಿರ್ಮಿಸಲು 1996ರಲ್ಲಿ ಸರಕಾರದಿಂದ ಅನುಮತಿ ದೊರೆತಿತ್ತು. ಆದರೆ ಈವರೆಗೂ ಮನೆ ನಿರ್ಮಾಣವಾಗಿಲ್ಲ. ಜಿಲ್ಲಾಧಿಕಾರಿಗಳು ಈ ಬಗ್ಗೆ ತನಿಖೆ ನಡೆಸಿ ಜಾಗವನ್ನು ಪೌರಕಾರ್ಮಿಕರಿಗೆ ಹಸ್ತಾಂತರಿಸಬೇಕು. ಇಲ್ಲದಿದ್ದರೆ ತೀವ್ರ ಹೋರಾಟ ನಡೆಸಲಾಗುವುದು ಎಂದು ಎಚ್ಚರಿಸಿದರು. ಸಂಘದ ಪದಾಧಿಕಾರಿಗಳು ಉಪಸ್ಥಿತರಿದ್ದರು.
